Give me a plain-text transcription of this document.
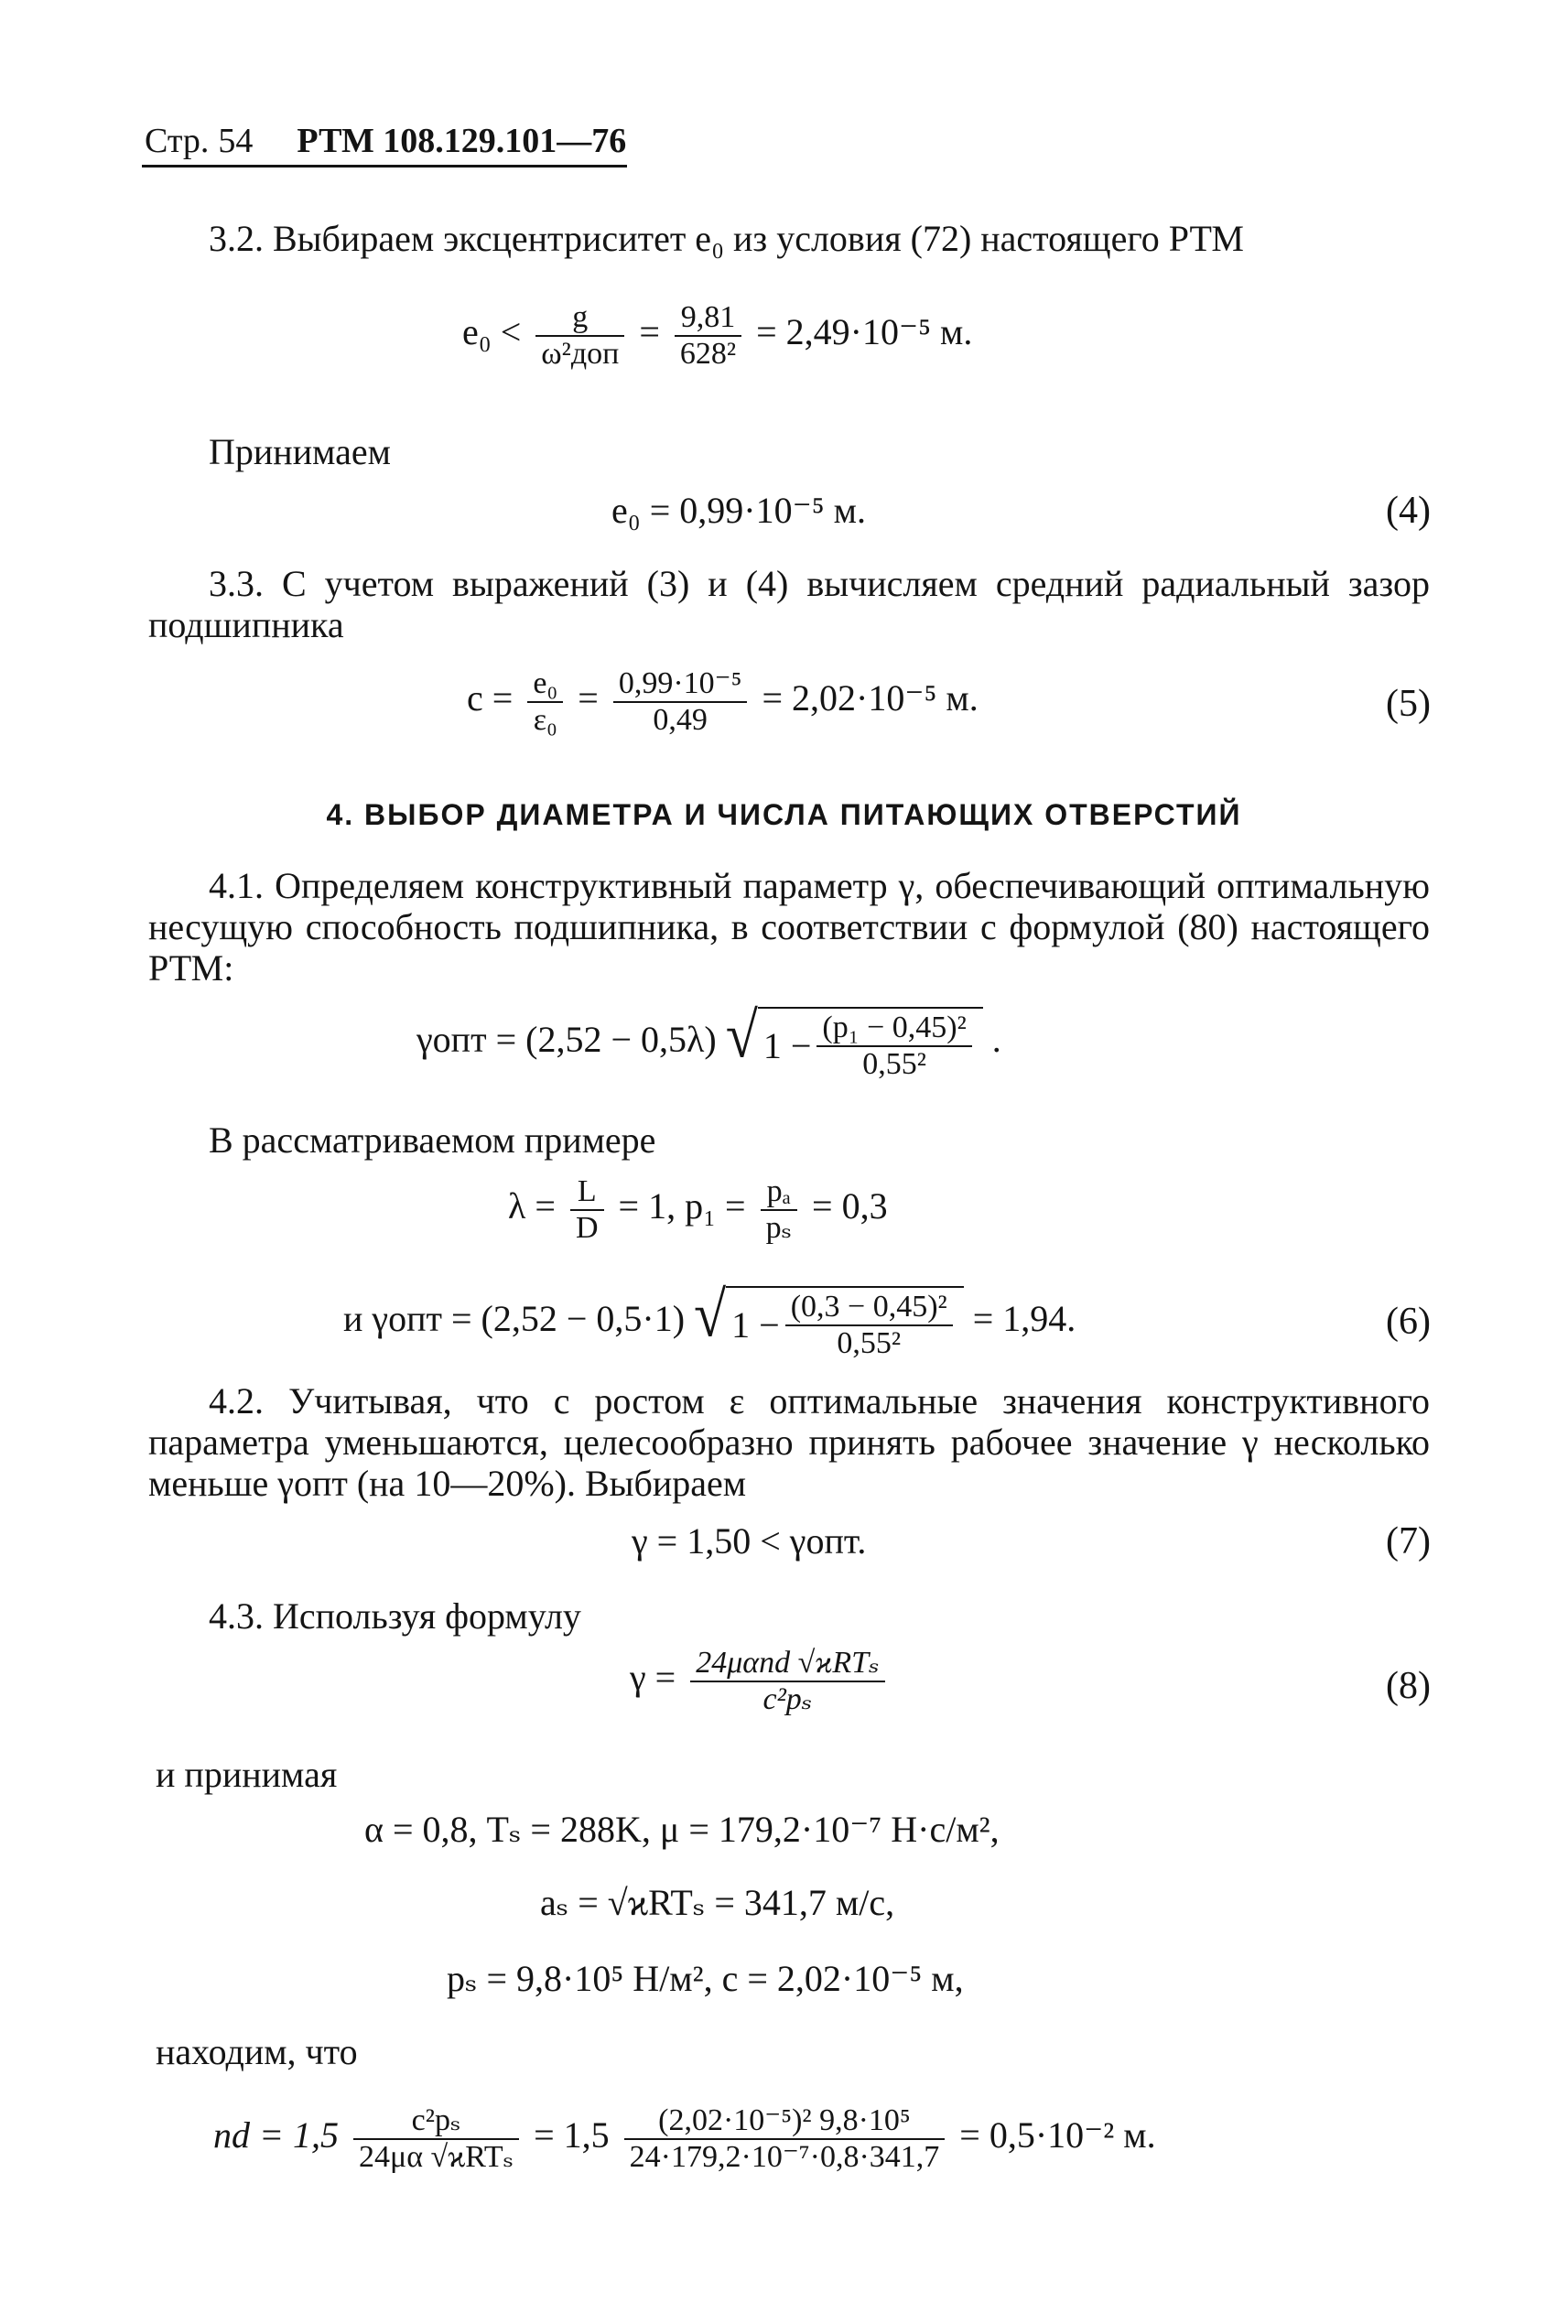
Стр. 54 РТМ 108.129.101—76
3.2. Выбираем эксцентриситет e₀ из условия (72) настоящего РТМ
$e_0 < \frac{g}{\text{ω²доп}} = \frac{9,81}{\text{628²}} = 2,49\cdot 10^{-5}$ м.
Принимаем
e₀ = 0,99·10⁻⁵ м.	(4)
3.3. С учетом выражений (3) и (4) вычисляем средний радиальный зазор подшипника
$c = \frac{\text{e₀}}{\text{ε₀}} = \frac{\text{0,99·10⁻⁵}}{0,49} = 2,02\cdot 10^{-5}$ м.	(5)
4. ВЫБОР ДИАМЕТРА И ЧИСЛА ПИТАЮЩИХ ОТВЕРСТИЙ
4.1. Определяем конструктивный параметр γ, обеспечивающий оптимальную несущую способность подшипника, в соответствии с формулой (80) настоящего РТМ:
γопт = (2,52 − 0,5λ) √ $1 - \frac{\text{(p₁ − 0,45)²}}{\text{0,55²}}$ .
В рассматриваемом примере
$\lambda = \frac{L}{D} = 1$, $p_1 = \frac{\text{pₐ}}{\text{pₛ}} = 0,3$
и γопт = (2,52 − 0,5·1) √ $1 - \frac{\text{(0,3 − 0,45)²}}{\text{0,55²}} = 1,94$.	(6)
4.2. Учитывая, что с ростом ε оптимальные значения конструктивного параметра уменьшаются, целесообразно принять рабочее значение γ несколько меньше γопт (на 10—20%). Выбираем
γ = 1,50 < γопт.	(7)
4.3. Используя формулу
$\gamma = \frac{\text{24μαnd √ϰRTₛ}}{\text{c²pₛ}}$	(8)
и принимая
α = 0,8, Tₛ = 288K, μ = 179,2·10⁻⁷ Н·с/м²,
aₛ = √ϰRTₛ = 341,7 м/с,
pₛ = 9,8·10⁵ Н/м², c = 2,02·10⁻⁵ м,
находим, что
nd = $1,5 \frac{\text{c²pₛ}}{\text{24μα √ϰRTₛ}} = 1,5 \frac{\text{(2,02·10⁻⁵)² 9,8·10⁵}}{\text{24·179,2·10⁻⁷·0,8·341,7}} = 0,5\cdot 10^{-2}$ м.
